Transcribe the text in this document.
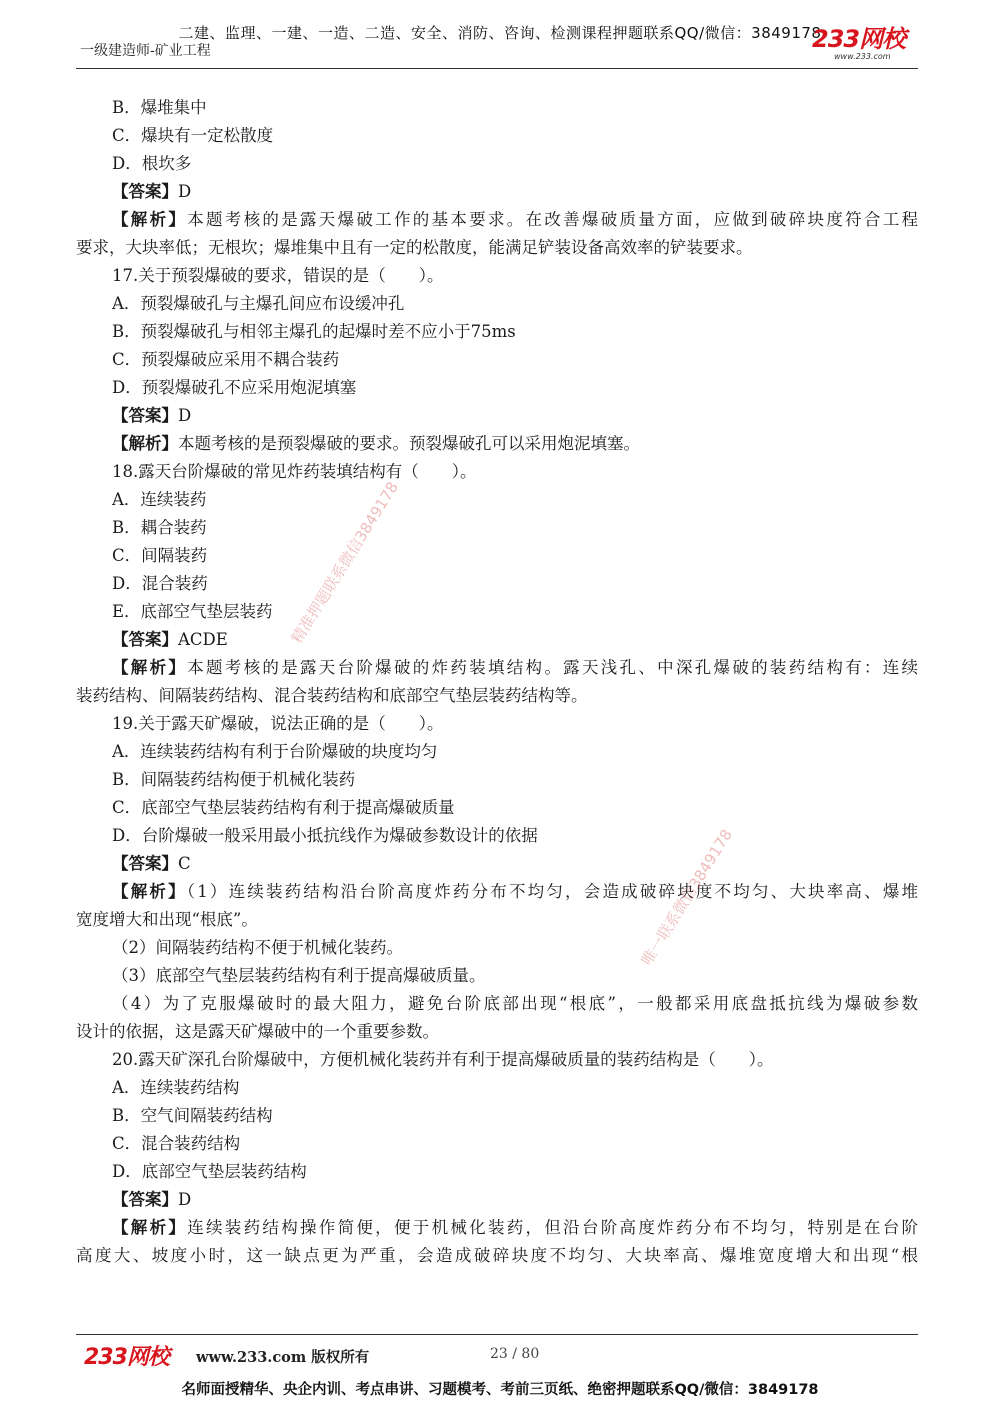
二建、监理、一建、一造、二造、安全、消防、咨询、检测课程押题联系QQ/微信：3849178
一级建造师-矿业工程	233网校
www.233.com
B．爆堆集中
C．爆块有一定松散度
D．根坎多
【答案】D
【解析】本题考核的是露天爆破工作的基本要求。在改善爆破质量方面，应做到破碎块度符合工程
要求，大块率低；无根坎；爆堆集中且有一定的松散度，能满足铲装设备高效率的铲装要求。
17.关于预裂爆破的要求，错误的是（　　）。
A．预裂爆破孔与主爆孔间应布设缓冲孔
B．预裂爆破孔与相邻主爆孔的起爆时差不应小于75ms
C．预裂爆破应采用不耦合装药
D．预裂爆破孔不应采用炮泥填塞
【答案】D
【解析】本题考核的是预裂爆破的要求。预裂爆破孔可以采用炮泥填塞。
18.露天台阶爆破的常见炸药装填结构有（　　）。
A．连续装药
B．耦合装药
C．间隔装药
D．混合装药
E．底部空气垫层装药
【答案】ACDE
【解析】本题考核的是露天台阶爆破的炸药装填结构。露天浅孔、中深孔爆破的装药结构有：连续
装药结构、间隔装药结构、混合装药结构和底部空气垫层装药结构等。
19.关于露天矿爆破，说法正确的是（　　）。
A．连续装药结构有利于台阶爆破的块度均匀
B．间隔装药结构便于机械化装药
C．底部空气垫层装药结构有利于提高爆破质量
D．台阶爆破一般采用最小抵抗线作为爆破参数设计的依据
【答案】C
【解析】（1）连续装药结构沿台阶高度炸药分布不均匀，会造成破碎块度不均匀、大块率高、爆堆
宽度增大和出现“根底”。
（2）间隔装药结构不便于机械化装药。
（3）底部空气垫层装药结构有利于提高爆破质量。
（4）为了克服爆破时的最大阻力，避免台阶底部出现“根底”，一般都采用底盘抵抗线为爆破参数
设计的依据，这是露天矿爆破中的一个重要参数。
20.露天矿深孔台阶爆破中，方便机械化装药并有利于提高爆破质量的装药结构是（　　）。
A．连续装药结构
B．空气间隔装药结构
C．混合装药结构
D．底部空气垫层装药结构
【答案】D
【解析】连续装药结构操作简便，便于机械化装药，但沿台阶高度炸药分布不均匀，特别是在台阶
高度大、坡度小时，这一缺点更为严重，会造成破碎块度不均匀、大块率高、爆堆宽度增大和出现“根
精准押题联系微信3849178
唯一联系微信3849178
233网校 www.233.com 版权所有	23 / 80
名师面授精华、央企内训、考点串讲、习题模考、考前三页纸、绝密押题联系QQ/微信：3849178
